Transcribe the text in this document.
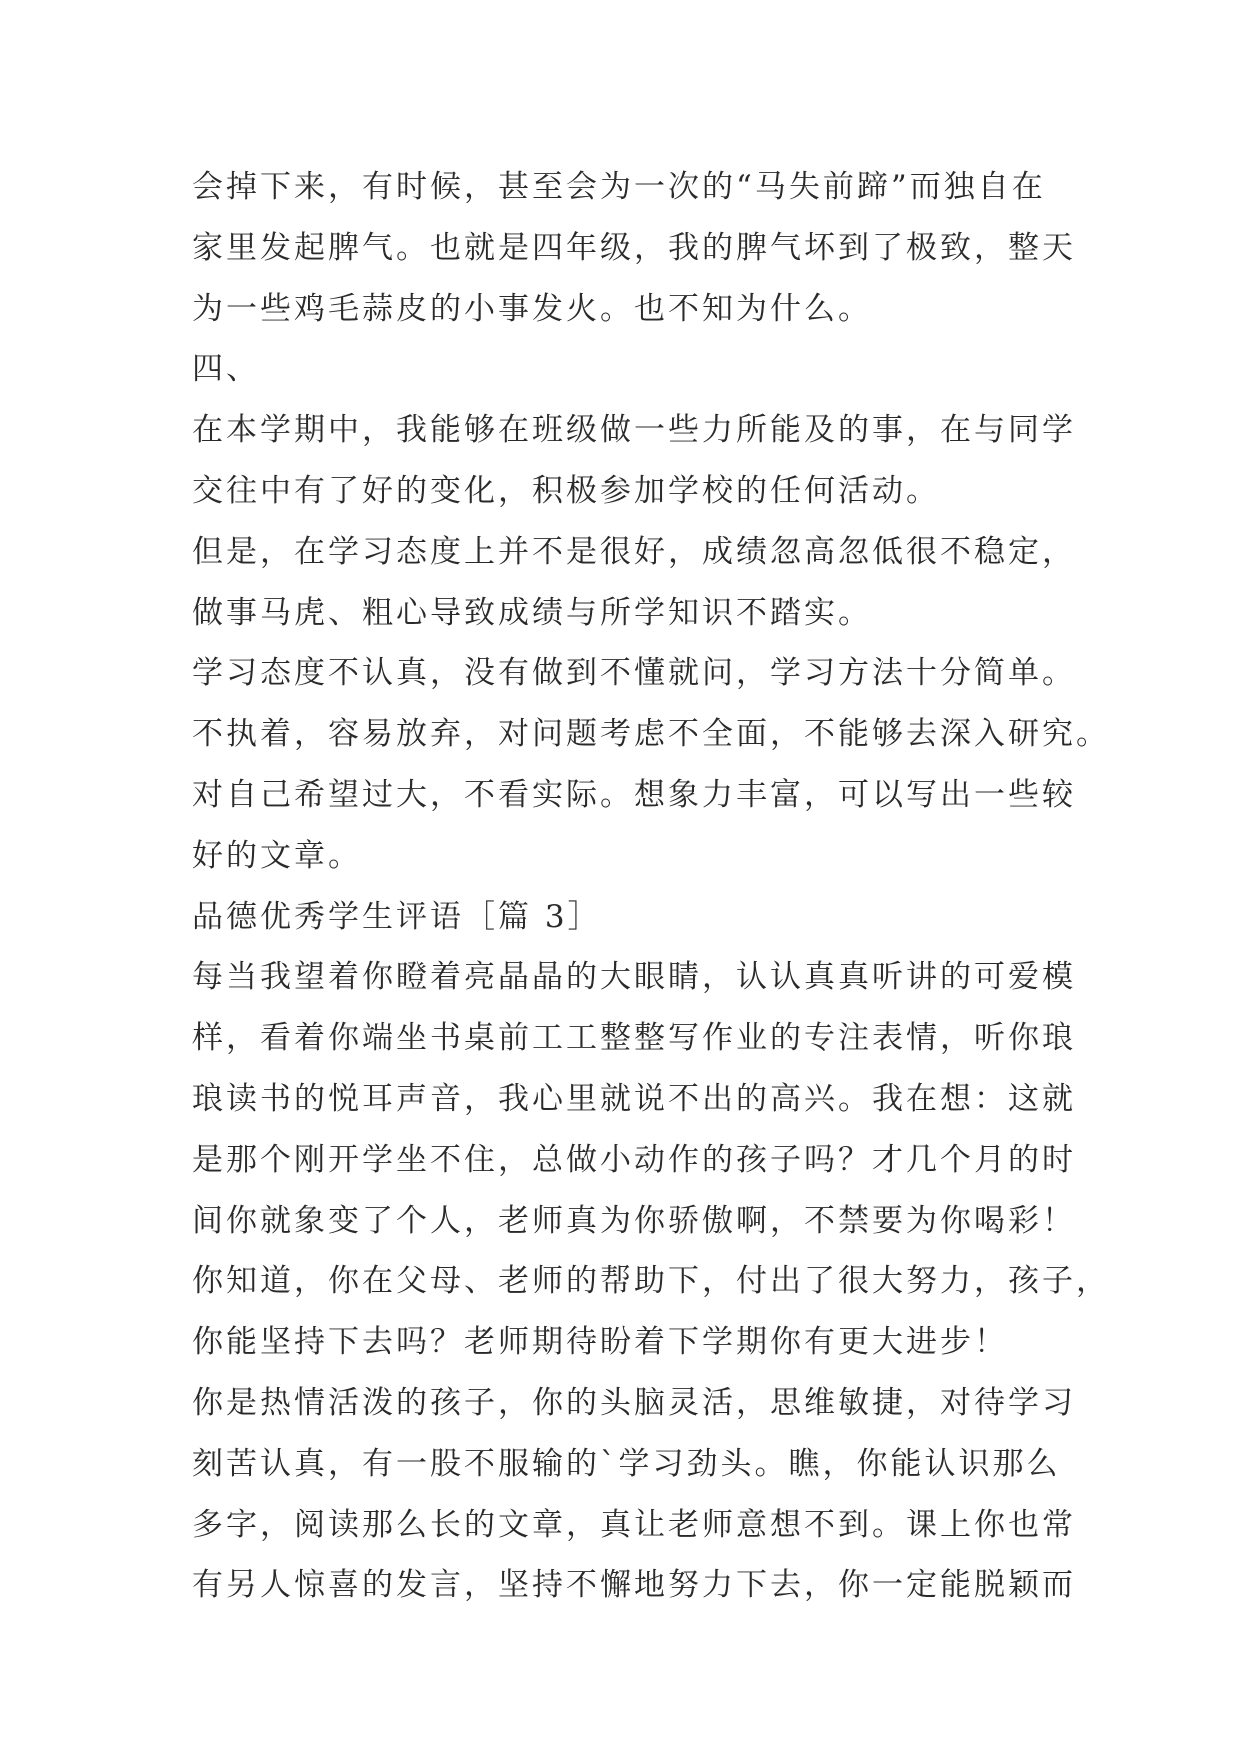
会掉下来，有时候，甚至会为一次的“马失前蹄”而独自在
家里发起脾气。也就是四年级，我的脾气坏到了极致，整天
为一些鸡毛蒜皮的小事发火。也不知为什么。
四、
在本学期中，我能够在班级做一些力所能及的事，在与同学
交往中有了好的变化，积极参加学校的任何活动。
但是，在学习态度上并不是很好，成绩忽高忽低很不稳定，
做事马虎、粗心导致成绩与所学知识不踏实。
学习态度不认真，没有做到不懂就问，学习方法十分简单。
不执着，容易放弃，对问题考虑不全面，不能够去深入研究。
对自己希望过大，不看实际。想象力丰富，可以写出一些较
好的文章。
品德优秀学生评语［篇 3］
每当我望着你瞪着亮晶晶的大眼睛，认认真真听讲的可爱模
样，看着你端坐书桌前工工整整写作业的专注表情，听你琅
琅读书的悦耳声音，我心里就说不出的高兴。我在想：这就
是那个刚开学坐不住，总做小动作的孩子吗？才几个月的时
间你就象变了个人，老师真为你骄傲啊，不禁要为你喝彩！
你知道，你在父母、老师的帮助下，付出了很大努力，孩子，
你能坚持下去吗？老师期待盼着下学期你有更大进步！
你是热情活泼的孩子，你的头脑灵活，思维敏捷，对待学习
刻苦认真，有一股不服输的`学习劲头。瞧，你能认识那么
多字，阅读那么长的文章，真让老师意想不到。课上你也常
有另人惊喜的发言，坚持不懈地努力下去，你一定能脱颖而
